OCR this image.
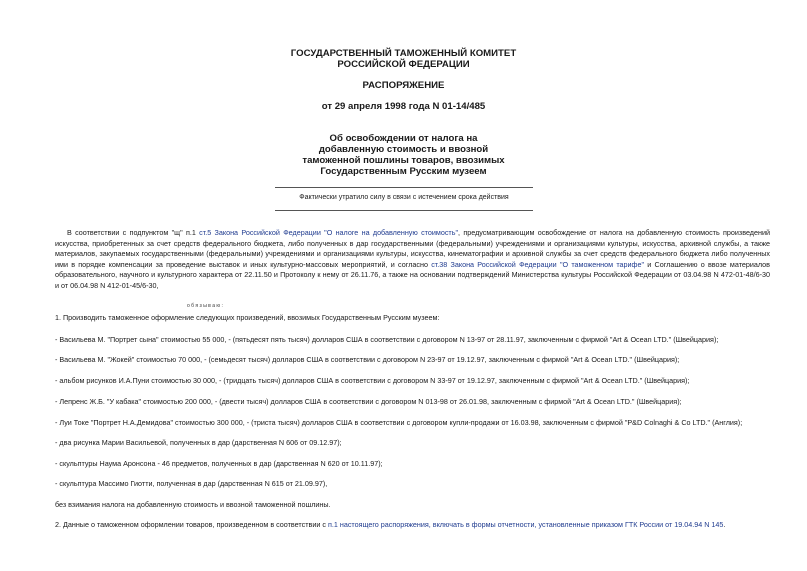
ГОСУДАРСТВЕННЫЙ ТАМОЖЕННЫЙ КОМИТЕТ
РОССИЙСКОЙ ФЕДЕРАЦИИ
РАСПОРЯЖЕНИЕ
от 29 апреля 1998 года N 01-14/485
Об освобождении от налога на
добавленную стоимость и ввозной
таможенной пошлины товаров, ввозимых
Государственным Русским музеем
Фактически утратило силу в связи с истечением срока действия
В соответствии с подпунктом "щ" п.1 ст.5 Закона Российской Федерации "О налоге на добавленную стоимость", предусматривающим освобождение от налога на добавленную стоимость произведений искусства, приобретенных за счет средств федерального бюджета, либо полученных в дар государственными (федеральными) учреждениями и организациями культуры, искусства, архивной службы, а также материалов, закупаемых государственными (федеральными) учреждениями и организациями культуры, искусства, кинематографии и архивной службы за счет средств федерального бюджета либо полученных ими в порядке компенсации за проведение выставок и иных культурно-массовых мероприятий, и согласно ст.38 Закона Российской Федерации "О таможенном тарифе" и Соглашению о ввозе материалов образовательного, научного и культурного характера от 22.11.50 и Протоколу к нему от 26.11.76, а также на основании подтверждений Министерства культуры Российской Федерации от 03.04.98 N 472-01-48/6-30 и от 06.04.98 N 412-01-45/6-30,
о б я з ы в а ю :
1. Производить таможенное оформление следующих произведений, ввозимых Государственным Русским музеем:
- Васильева М. "Портрет сына" стоимостью 55 000, - (пятьдесят пять тысяч) долларов США в соответствии с договором N 13-97 от 28.11.97, заключенным с фирмой "Art & Ocean LTD." (Швейцария);
- Васильева М. "Жокей" стоимостью 70 000, - (семьдесят тысяч) долларов США в соответствии с договором N 23-97 от 19.12.97, заключенным с фирмой "Art & Ocean LTD." (Швейцария);
- альбом рисунков И.А.Пуни стоимостью 30 000, - (тридцать тысяч) долларов США в соответствии с договором N 33-97 от 19.12.97, заключенным с фирмой "Art & Ocean LTD." (Швейцария);
- Лепренс Ж.Б. "У кабака" стоимостью 200 000, - (двести тысяч) долларов США в соответствии с договором N 013-98 от 26.01.98, заключенным с фирмой "Art & Ocean LTD." (Швейцария);
- Луи Токе "Портрет Н.А.Демидова" стоимостью 300 000, - (триста тысяч) долларов США в соответствии с договором купли-продажи от 16.03.98, заключенным с фирмой "P&D Colnaghi & Co LTD." (Англия);
- два рисунка Марии Васильевой, полученных в дар (дарственная N 606 от 09.12.97);
- скульптуры Наума Аронсона - 46 предметов, полученных в дар (дарственная N 620 от 10.11.97);
- скульптура Массимо Гиотти, полученная в дар (дарственная N 615 от 21.09.97),
без взимания налога на добавленную стоимость и ввозной таможенной пошлины.
2. Данные о таможенном оформлении товаров, произведенном в соответствии с п.1 настоящего распоряжения, включать в формы отчетности, установленные приказом ГТК России от 19.04.94 N 145.
